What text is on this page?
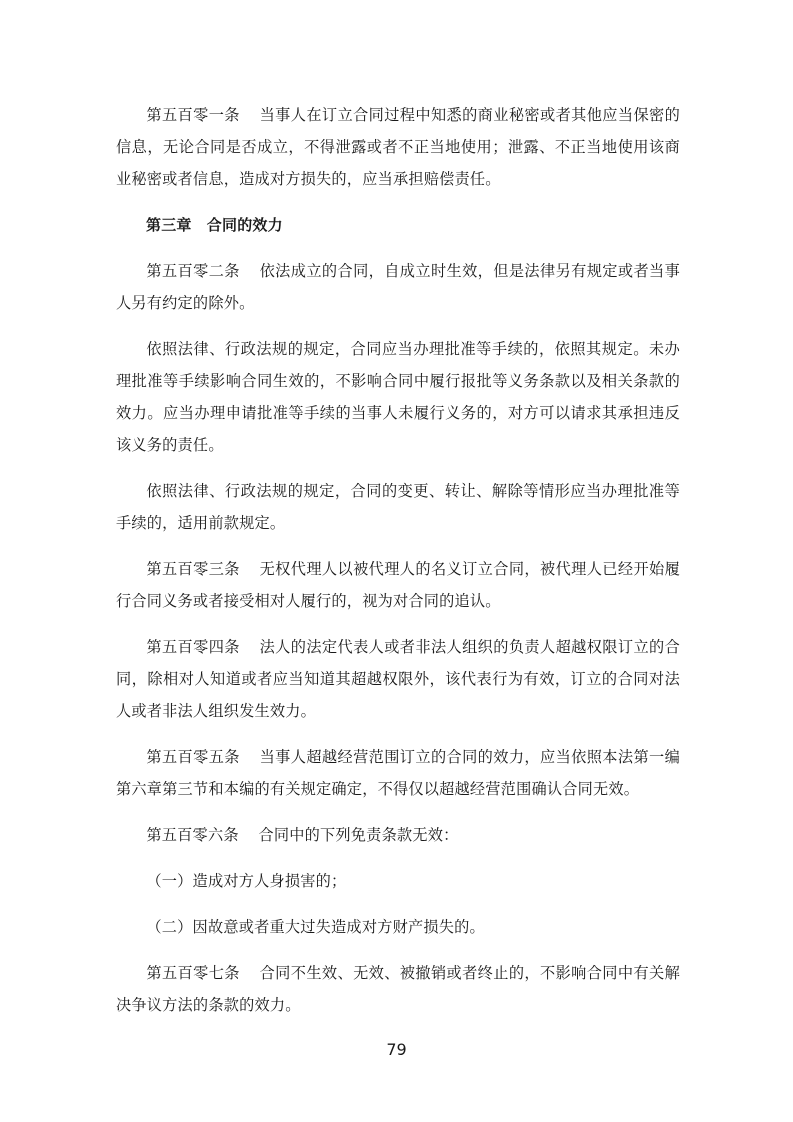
第五百零一条 当事人在订立合同过程中知悉的商业秘密或者其他应当保密的信息，无论合同是否成立，不得泄露或者不正当地使用；泄露、不正当地使用该商业秘密或者信息，造成对方损失的，应当承担赔偿责任。

第三章　合同的效力

第五百零二条 依法成立的合同，自成立时生效，但是法律另有规定或者当事人另有约定的除外。

依照法律、行政法规的规定，合同应当办理批准等手续的，依照其规定。未办理批准等手续影响合同生效的，不影响合同中履行报批等义务条款以及相关条款的效力。应当办理申请批准等手续的当事人未履行义务的，对方可以请求其承担违反该义务的责任。

依照法律、行政法规的规定，合同的变更、转让、解除等情形应当办理批准等手续的，适用前款规定。

第五百零三条 无权代理人以被代理人的名义订立合同，被代理人已经开始履行合同义务或者接受相对人履行的，视为对合同的追认。

第五百零四条 法人的法定代表人或者非法人组织的负责人超越权限订立的合同，除相对人知道或者应当知道其超越权限外，该代表行为有效，订立的合同对法人或者非法人组织发生效力。

第五百零五条 当事人超越经营范围订立的合同的效力，应当依照本法第一编第六章第三节和本编的有关规定确定，不得仅以超越经营范围确认合同无效。

第五百零六条 合同中的下列免责条款无效：

（一）造成对方人身损害的；

（二）因故意或者重大过失造成对方财产损失的。

第五百零七条 合同不生效、无效、被撤销或者终止的，不影响合同中有关解决争议方法的条款的效力。

79
